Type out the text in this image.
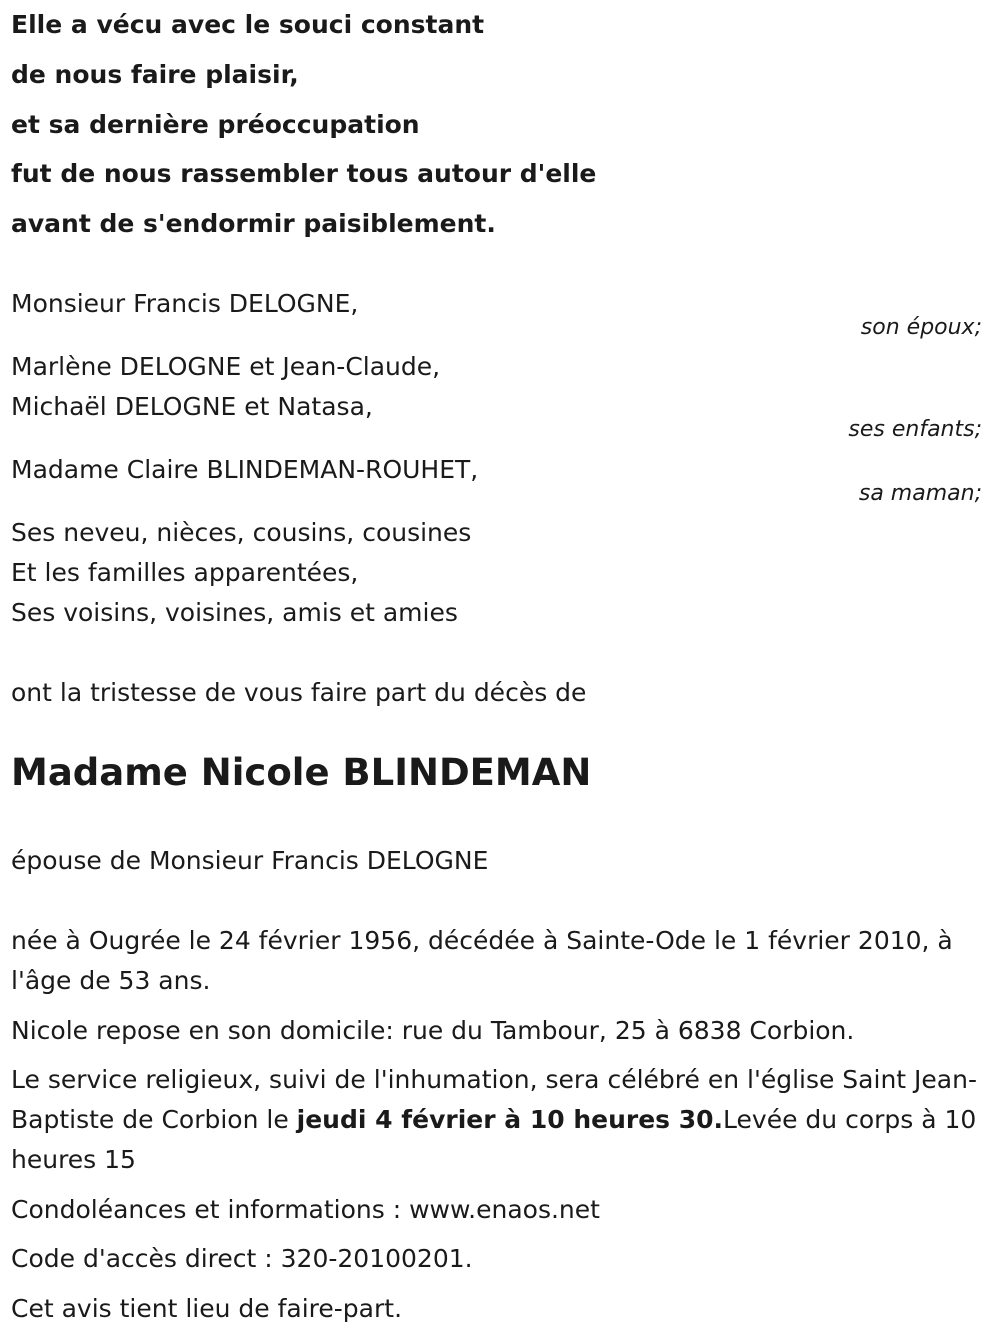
Elle a vécu avec le souci constant
de nous faire plaisir,
et sa dernière préoccupation
fut de nous rassembler tous autour d'elle
avant de s'endormir paisiblement.
Monsieur Francis DELOGNE,
son époux;
Marlène DELOGNE et Jean-Claude,
Michaël DELOGNE et Natasa,
ses enfants;
Madame Claire BLINDEMAN-ROUHET,
sa maman;
Ses neveu, nièces, cousins, cousines
Et les familles apparentées,
Ses voisins, voisines, amis et amies
ont la tristesse de vous faire part du décès de
Madame Nicole BLINDEMAN
épouse de Monsieur Francis DELOGNE
née à Ougrée le 24 février 1956, décédée à Sainte-Ode le 1 février 2010, à l'âge de 53 ans.
Nicole repose en son domicile: rue du Tambour, 25 à 6838 Corbion.
Le service religieux, suivi de l'inhumation, sera célébré en l'église Saint Jean-Baptiste de Corbion le jeudi 4 février à 10 heures 30.Levée du corps à 10 heures 15
Condoléances et informations : www.enaos.net
Code d'accès direct : 320-20100201.
Cet avis tient lieu de faire-part.
